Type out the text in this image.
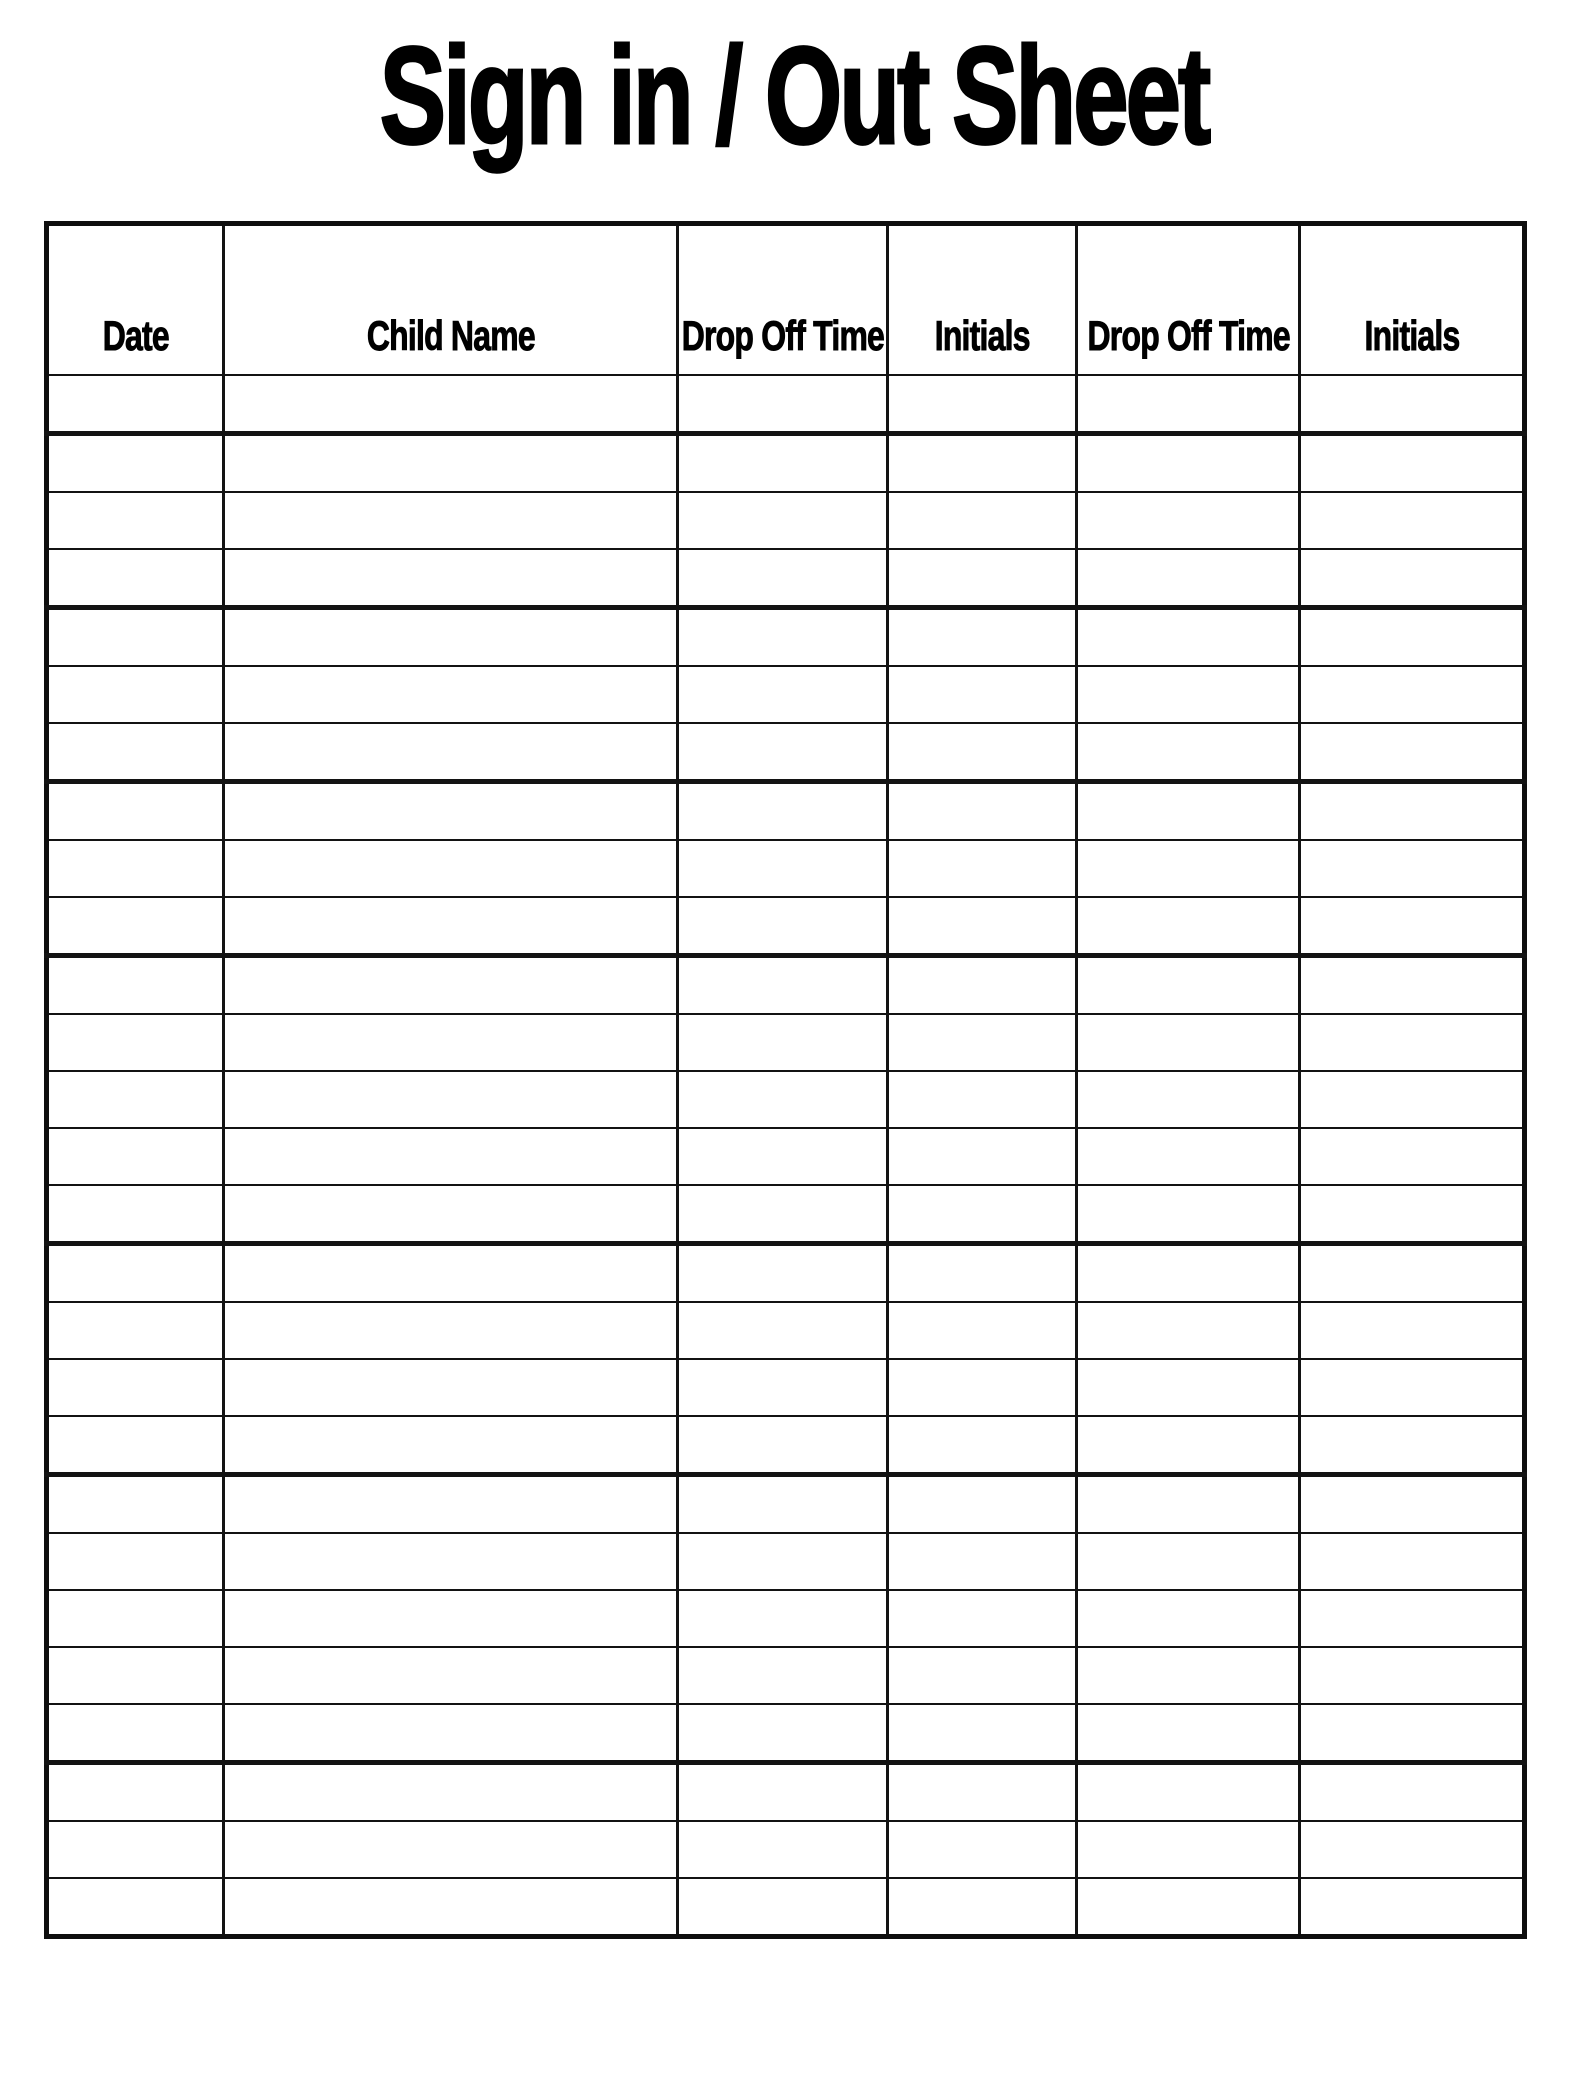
Sign in / Out Sheet
Date	Child Name	Drop Off Time	Initials	Drop Off Time	Initials
